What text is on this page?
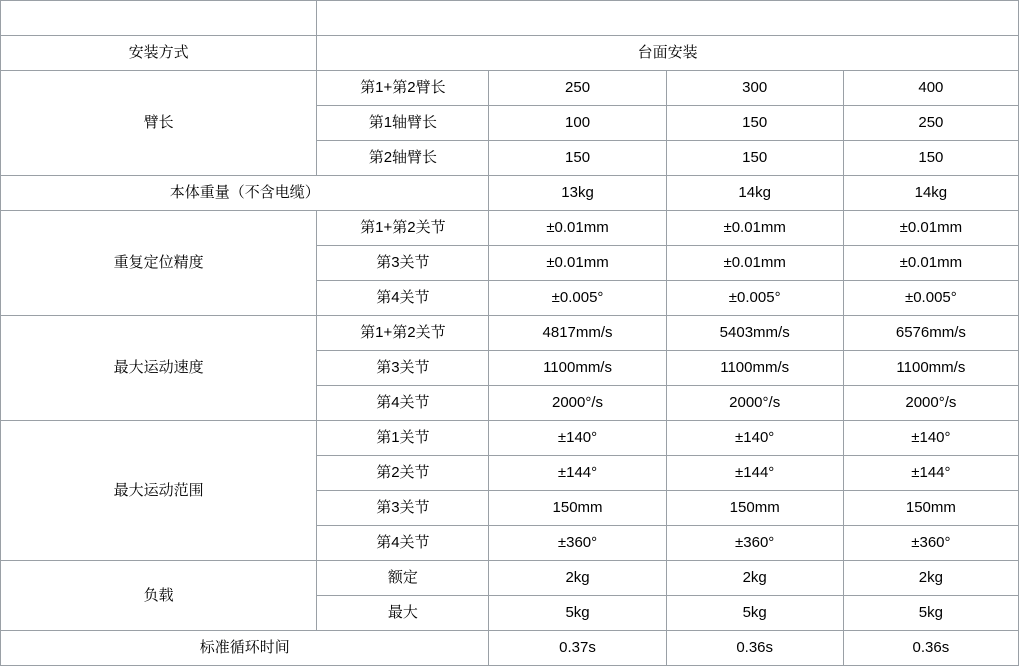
型号	GBS5A-R250/R300/R400-SC			
安装方式	台面安装			
臂长	第1+第2臂长	250	300	400
	第1轴臂长	100	150	250
	第2轴臂长	150	150	150
本体重量（不含电缆）		13kg	14kg	14kg
重复定位精度	第1+第2关节	±0.01mm	±0.01mm	±0.01mm
	第3关节	±0.01mm	±0.01mm	±0.01mm
	第4关节	±0.005°	±0.005°	±0.005°
最大运动速度	第1+第2关节	4817mm/s	5403mm/s	6576mm/s
	第3关节	1100mm/s	1100mm/s	1100mm/s
	第4关节	2000°/s	2000°/s	2000°/s
最大运动范围	第1关节	±140°	±140°	±140°
	第2关节	±144°	±144°	±144°
	第3关节	150mm	150mm	150mm
	第4关节	±360°	±360°	±360°
负载	额定	2kg	2kg	2kg
	最大	5kg	5kg	5kg
标准循环时间		0.37s	0.36s	0.36s
